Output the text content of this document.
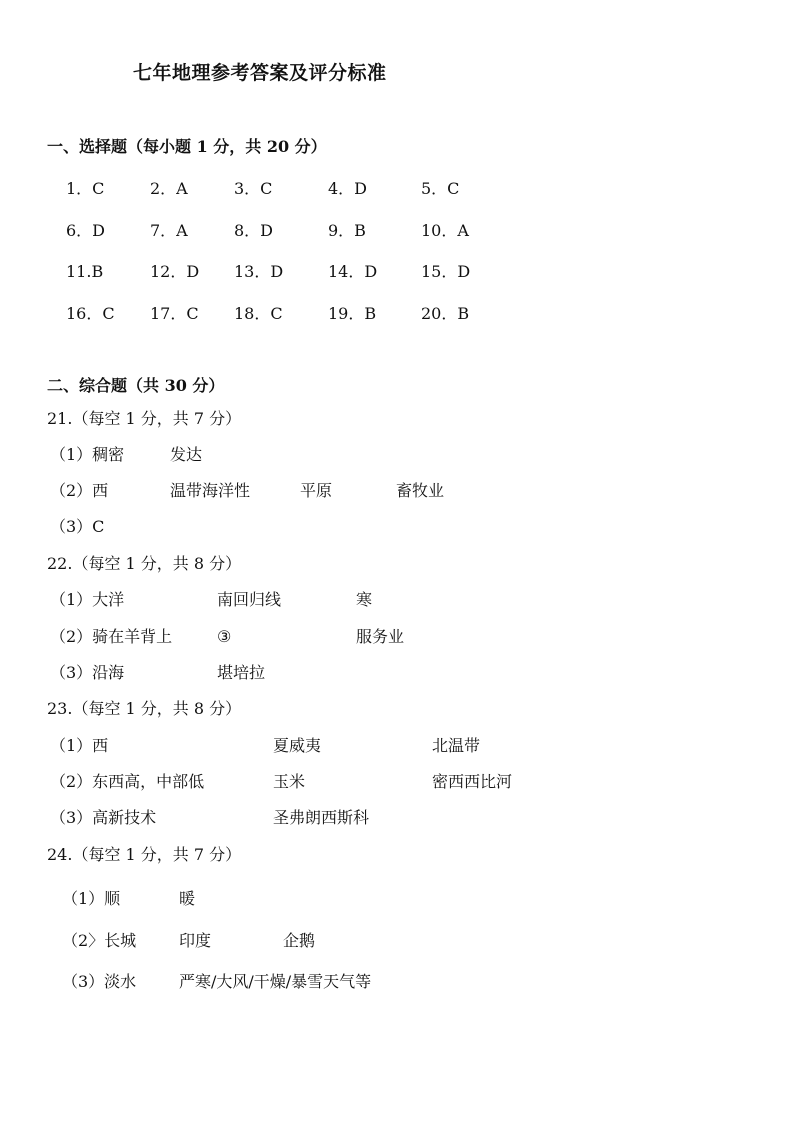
七年地理参考答案及评分标准
一、选择题（每小题 1 分，共 20 分）
1．C	2．A	3．C	4．D	5．C
6．D	7．A	8．D	9．B	10．A
11.B	12．D 13．D	14．D	15．D
16．C 17．C 18．C	19．B	20．B
二、综合题（共 30 分）
21.（每空 1 分，共 7 分）
（1）稠密	发达
（2）西	温带海洋性	平原	畜牧业
（3）C
22.（每空 1 分，共 8 分）
（1）大洋	南回归线	寒
（2）骑在羊背上	③	服务业
（3）沿海	堪培拉
23.（每空 1 分，共 8 分）
（1）西	夏威夷	北温带
（2）东西高，中部低	玉米	密西西比河
（3）高新技术	圣弗朗西斯科
24.（每空 1 分，共 7 分）
（1）顺	暖
（2〉长城	印度	企鹅
（3）淡水	严寒/大风/干燥/暴雪天气等
